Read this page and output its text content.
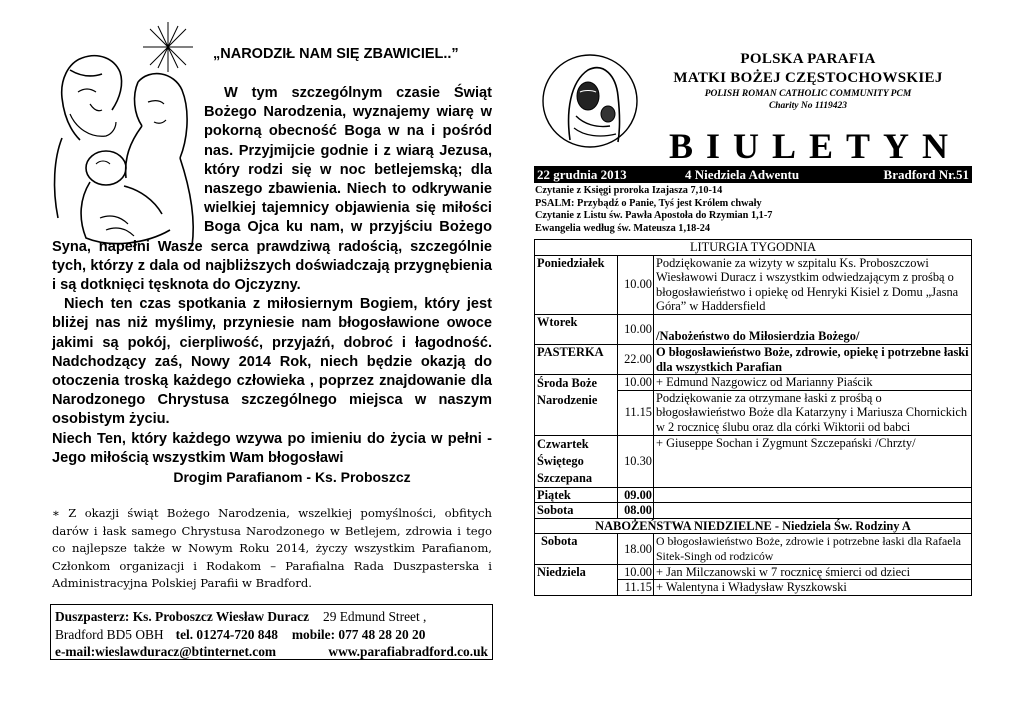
„NARODZIŁ NAM SIĘ ZBAWICIEL..”

W tym szczególnym czasie Świąt Bożego Narodzenia, wyznajemy wiarę w pokorną obecność Boga w na i pośród nas. Przyjmijcie godnie i z wiarą Jezusa, który rodzi się w noc betlejemską; dla naszego zbawienia. Niech to odkrywanie wielkiej tajemnicy objawienia się miłości Boga Ojca ku nam, w przyjściu Bożego Syna, napełni Wasze serca prawdziwą radością, szczególnie tych, którzy z dala od najbliższych doświadczają przygnębienia i są dotknięci tęsknota do Ojczyzny.

Niech ten czas spotkania z miłosiernym Bogiem, który jest bliżej nas niż myślimy, przyniesie nam błogosławione owoce jakimi są pokój, cierpliwość, przyjaźń, dobroć i łagodność. Nadchodzący zaś, Nowy 2014 Rok, niech będzie okazją do otoczenia troską każdego człowieka , poprzez znajdowanie dla Narodzonego Chrystusa szczególnego miejsca w naszym osobistym życiu.

Niech Ten, który każdego wzywa po imieniu do życia w pełni - Jego miłością wszystkim Wam błogosławi

Drogim Parafianom - Ks. Proboszcz

∗ Z okazji świąt Bożego Narodzenia, wszelkiej pomyślności, obfitych darów i łask samego Chrystusa Narodzonego w Betlejem, zdrowia i tego co najlepsze także w Nowym Roku 2014, życzy wszystkim Parafianom, Członkom organizacji i Rodakom – Parafialna Rada Duszpasterska i Administracyjna Polskiej Parafii w Bradford.
Duszpasterz: Ks. Proboszcz Wiesław Duracz 29 Edmund Street ,
Bradford BD5 OBH tel. 01274-720 848 mobile: 077 48 28 20 20
e-mail:wieslawduracz@btinternet.com	www.parafiabradford.co.uk
POLSKA PARAFIA
MATKI BOŻEJ CZĘSTOCHOWSKIEJ
POLISH ROMAN CATHOLIC COMMUNITY PCM
Charity No 1119423
BIULETYN
22 grudnia 2013	4 Niedziela Adwentu	Bradford Nr.51
Czytanie z Księgi proroka Izajasza 7,10-14
PSALM: Przybądź o Panie, Tyś jest Królem chwały
Czytanie z Listu św. Pawła Apostoła do Rzymian 1,1-7
Ewangelia według św. Mateusza 1,18-24
LITURGIA TYGODNIA		
Poniedziałek	10.00	Podziękowanie za wizyty w szpitalu Ks. Proboszczowi Wiesławowi Duracz i wszystkim odwiedzającym z prośbą o błogosławieństwo i opiekę od Henryki Kisiel z Domu „Jasna Góra” w Haddersfield
Wtorek	10.00	/Nabożeństwo do Miłosierdzia Bożego/
PASTERKA	22.00	O błogosławieństwo Boże, zdrowie, opiekę i potrzebne łaski dla wszystkich Parafian
Środa Boże Narodzenie	10.00	+ Edmund Nazgowicz od Marianny Piaścik
	11.15	Podziękowanie za otrzymane łaski z prośbą o błogosławieństwo Boże dla Katarzyny i Mariusza Chornickich w 2 rocznicę ślubu oraz dla córki Wiktorii od babci
Czwartek Świętego Szczepana	10.30	+ Giuseppe Sochan i Zygmunt Szczepański /Chrzty/
Piątek	09.00	
Sobota	08.00	
NABOŻEŃSTWA NIEDZIELNE - Niedziela Św. Rodziny A		
Sobota	18.00	O błogosławieństwo Boże, zdrowie i potrzebne łaski dla Rafaela Sitek-Singh od rodziców
Niedziela	10.00	+ Jan Milczanowski w 7 rocznicę śmierci od dzieci
	11.15	+ Walentyna i Władysław Ryszkowski
